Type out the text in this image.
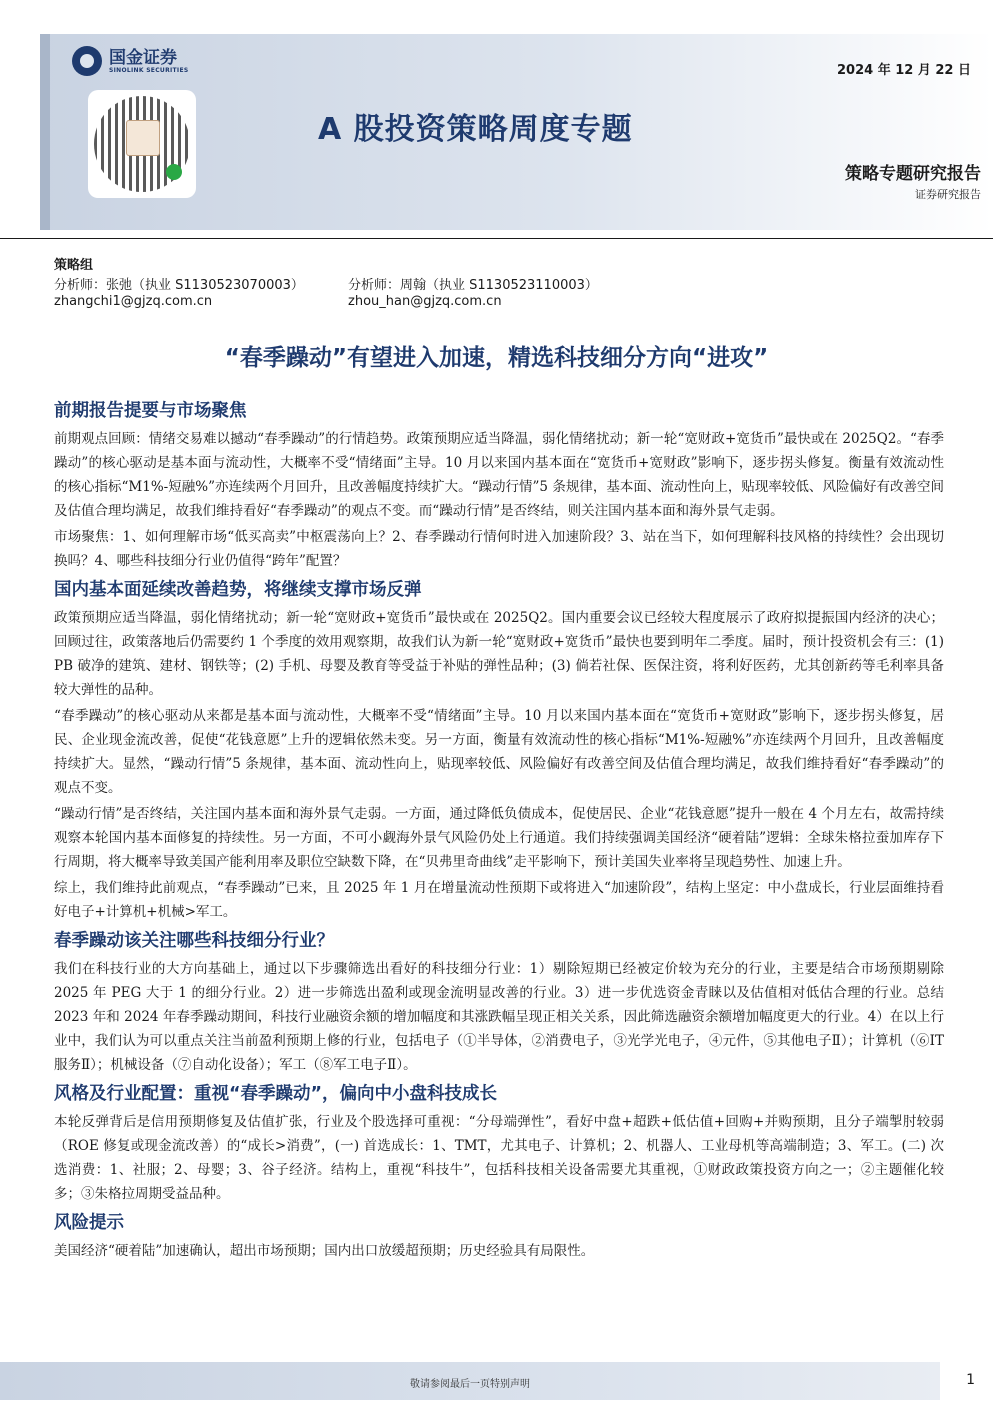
国金证券
SINOLINK SECURITIES	2024 年 12 月 22 日
A 股投资策略周度专题
策略专题研究报告
证券研究报告
策略组
分析师：张弛（执业 S1130523070003）
zhangchi1@gjzq.com.cn
分析师：周翰（执业 S1130523110003）
zhou_han@gjzq.com.cn
“春季躁动”有望进入加速，精选科技细分方向“进攻”
前期报告提要与市场聚焦

前期观点回顾：情绪交易难以撼动“春季躁动”的行情趋势。政策预期应适当降温，弱化情绪扰动；新一轮“宽财政+宽货币”最快或在 2025Q2。“春季躁动”的核心驱动是基本面与流动性，大概率不受“情绪面”主导。10 月以来国内基本面在“宽货币+宽财政”影响下，逐步拐头修复。衡量有效流动性的核心指标“M1%-短融%”亦连续两个月回升，且改善幅度持续扩大。“躁动行情”5 条规律，基本面、流动性向上，贴现率较低、风险偏好有改善空间及估值合理均满足，故我们维持看好“春季躁动”的观点不变。而“躁动行情”是否终结，则关注国内基本面和海外景气走弱。

市场聚焦：1、如何理解市场“低买高卖”中枢震荡向上？2、春季躁动行情何时进入加速阶段？3、站在当下，如何理解科技风格的持续性？会出现切换吗？4、哪些科技细分行业仍值得“跨年”配置？

国内基本面延续改善趋势，将继续支撑市场反弹

政策预期应适当降温，弱化情绪扰动；新一轮“宽财政+宽货币”最快或在 2025Q2。国内重要会议已经较大程度展示了政府拟提振国内经济的决心；回顾过往，政策落地后仍需要约 1 个季度的效用观察期，故我们认为新一轮“宽财政+宽货币”最快也要到明年二季度。届时，预计投资机会有三：(1) PB 破净的建筑、建材、钢铁等；(2) 手机、母婴及教育等受益于补贴的弹性品种；(3) 倘若社保、医保注资，将利好医药，尤其创新药等毛利率具备较大弹性的品种。

“春季躁动”的核心驱动从来都是基本面与流动性，大概率不受“情绪面”主导。10 月以来国内基本面在“宽货币+宽财政”影响下，逐步拐头修复，居民、企业现金流改善，促使“花钱意愿”上升的逻辑依然未变。另一方面，衡量有效流动性的核心指标“M1%-短融%”亦连续两个月回升，且改善幅度持续扩大。显然，“躁动行情”5 条规律，基本面、流动性向上，贴现率较低、风险偏好有改善空间及估值合理均满足，故我们维持看好“春季躁动”的观点不变。

“躁动行情”是否终结，关注国内基本面和海外景气走弱。一方面，通过降低负债成本，促使居民、企业“花钱意愿”提升一般在 4 个月左右，故需持续观察本轮国内基本面修复的持续性。另一方面，不可小觑海外景气风险仍处上行通道。我们持续强调美国经济“硬着陆”逻辑：全球朱格拉蚕加库存下行周期，将大概率导致美国产能利用率及职位空缺数下降，在“贝弗里奇曲线”走平影响下，预计美国失业率将呈现趋势性、加速上升。

综上，我们维持此前观点，“春季躁动”已来，且 2025 年 1 月在增量流动性预期下或将进入“加速阶段”，结构上坚定：中小盘成长，行业层面维持看好电子+计算机+机械>军工。

春季躁动该关注哪些科技细分行业？

我们在科技行业的大方向基础上，通过以下步骤筛选出看好的科技细分行业：1）剔除短期已经被定价较为充分的行业，主要是结合市场预期剔除 2025 年 PEG 大于 1 的细分行业。2）进一步筛选出盈利或现金流明显改善的行业。3）进一步优选资金青睐以及估值相对低估合理的行业。总结 2023 年和 2024 年春季躁动期间，科技行业融资余额的增加幅度和其涨跌幅呈现正相关关系，因此筛选融资余额增加幅度更大的行业。4）在以上行业中，我们认为可以重点关注当前盈利预期上修的行业，包括电子（①半导体，②消费电子，③光学光电子，④元件，⑤其他电子Ⅱ）；计算机（⑥IT 服务Ⅱ）；机械设备（⑦自动化设备）；军工（⑧军工电子Ⅱ）。

风格及行业配置：重视“春季躁动”，偏向中小盘科技成长

本轮反弹背后是信用预期修复及估值扩张，行业及个股选择可重视：“分母端弹性”，看好中盘+超跌+低估值+回购+并购预期，且分子端掣肘较弱（ROE 修复或现金流改善）的“成长>消费”，(一) 首选成长：1、TMT，尤其电子、计算机；2、机器人、工业母机等高端制造；3、军工。(二) 次选消费：1、社服；2、母婴；3、谷子经济。结构上，重视“科技牛”，包括科技相关设备需要尤其重视，①财政政策投资方向之一；②主题催化较多；③朱格拉周期受益品种。

风险提示

美国经济“硬着陆”加速确认，超出市场预期；国内出口放缓超预期；历史经验具有局限性。

敬请参阅最后一页特别声明	1
